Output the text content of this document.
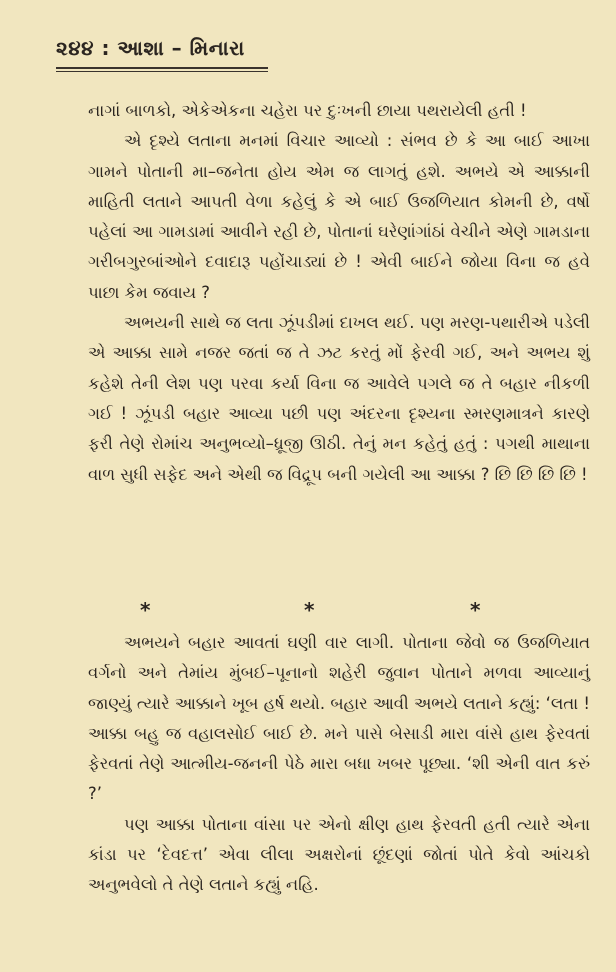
૨૪૪ : આશા – મિનારા

નાગાં બાળકો, એકેએકના ચહેરા પર દુઃખની છાયા પથરાયેલી હતી !

એ દૃશ્યે લતાના મનમાં વિચાર આવ્યો : સંભવ છે કે આ બાઈ આખા ગામને પોતાની મા–જનેતા હોય એમ જ લાગતું હશે. અભયે એ આક્કાની માહિતી લતાને આપતી વેળા કહેલું કે એ બાઈ ઉજળિયાત કોમની છે, વર્ષો પહેલાં આ ગામડામાં આવીને રહી છે, પોતાનાં ઘરેણાંગાંઠાં વેચીને એણે ગામડાના ગરીબગુરબાંઓને દવાદારૂ પહોંચાડ્યાં છે ! એવી બાઈને જોયા વિના જ હવે પાછા કેમ જવાય ?

અભયની સાથે જ લતા ઝૂંપડીમાં દાખલ થઈ. પણ મરણ-પથારીએ પડેલી એ આક્કા સામે નજર જતાં જ તે ઝટ કરતું મોં ફેરવી ગઈ, અને અભય શું કહેશે તેની લેશ પણ પરવા કર્યા વિના જ આવેલે પગલે જ તે બહાર નીકળી ગઈ ! ઝૂંપડી બહાર આવ્યા પછી પણ અંદરના દૃશ્યના સ્મરણમાત્રને કારણે ફરી તેણે રોમાંચ અનુભવ્યો–ધ્રૂજી ઊઠી. તેનું મન કહેતું હતું : પગથી માથાના વાળ સુધી સફેદ અને એથી જ વિદ્રૂપ બની ગયેલી આ આક્કા ? છિ છિ છિ છિ !

*	*	*

અભયને બહાર આવતાં ઘણી વાર લાગી. પોતાના જેવો જ ઉજળિયાત વર્ગનો અને તેમાંય મુંબઈ–પૂનાનો શહેરી જુવાન પોતાને મળવા આવ્યાનું જાણ્યું ત્યારે આક્કાને ખૂબ હર્ષ થયો. બહાર આવી અભયે લતાને કહ્યું: ‘લતા ! આક્કા બહુ જ વહાલસોઈ બાઈ છે. મને પાસે બેસાડી મારા વાંસે હાથ ફેરવતાં ફેરવતાં તેણે આત્મીય-જનની પેઠે મારા બધા ખબર પૂછ્યા. ‘શી એની વાત કરું ?’

પણ આક્કા પોતાના વાંસા પર એનો ક્ષીણ હાથ ફેરવતી હતી ત્યારે એના કાંડા પર ‘દેવદત્ત’ એવા લીલા અક્ષરોનાં છૂંદણાં જોતાં પોતે કેવો આંચકો અનુભવેલો તે તેણે લતાને કહ્યું નહિ.
